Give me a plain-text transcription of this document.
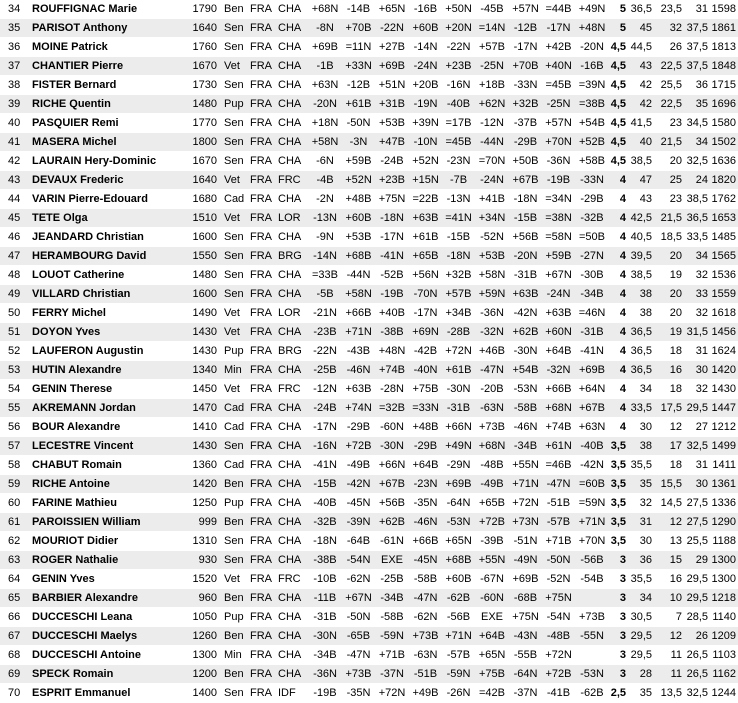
34	ROUFFIGNAC Marie	1790	Ben	FRA	CHA	+68N	-14B	+65N	-16B	+50N	-45B	+57N	=44B	+49N	5	36,5	23,5	31	1598
35	PARISOT Anthony	1640	Sen	FRA	CHA	-8N	+70B	-22N	+60B	+20N	=14N	-12B	-17N	+48N	5	45	32	37,5	1861
36	MOINE Patrick	1760	Sen	FRA	CHA	+69B	=11N	+27B	-14N	-22N	+57B	-17N	+42B	-20N	4,5	44,5	26	37,5	1813
37	CHANTIER Pierre	1670	Vet	FRA	CHA	-1B	+33N	+69B	-24N	+23B	-25N	+70B	+40N	-16B	4,5	43	22,5	37,5	1848
38	FISTER Bernard	1730	Sen	FRA	CHA	+63N	-12B	+51N	+20B	-16N	+18B	-33N	=45B	=39N	4,5	42	25,5	36	1715
39	RICHE Quentin	1480	Pup	FRA	CHA	-20N	+61B	+31B	-19N	-40B	+62N	+32B	-25N	=38B	4,5	42	22,5	35	1696
40	PASQUIER Remi	1770	Sen	FRA	CHA	+18N	-50N	+53B	+39N	=17B	-12N	-37B	+57N	+54B	4,5	41,5	23	34,5	1580
41	MASERA Michel	1800	Sen	FRA	CHA	+58N	-3N	+47B	-10N	=45B	-44N	-29B	+70N	+52B	4,5	40	21,5	34	1502
42	LAURAIN Hery-Dominic	1670	Sen	FRA	CHA	-6N	+59B	-24B	+52N	-23N	=70N	+50B	-36N	+58B	4,5	38,5	20	32,5	1636
43	DEVAUX Frederic	1640	Vet	FRA	FRC	-4B	+52N	+23B	+15N	-7B	-24N	+67B	-19B	-33N	4	47	25	24	1820
44	VARIN Pierre-Edouard	1680	Cad	FRA	CHA	-2N	+48B	+75N	=22B	-13N	+41B	-18N	=34N	-29B	4	43	23	38,5	1762
45	TETE Olga	1510	Vet	FRA	LOR	-13N	+60B	-18N	+63B	=41N	+34N	-15B	=38N	-32B	4	42,5	21,5	36,5	1653
46	JEANDARD Christian	1600	Sen	FRA	CHA	-9N	+53B	-17N	+61B	-15B	-52N	+56B	=58N	=50B	4	40,5	18,5	33,5	1485
47	HERAMBOURG David	1550	Sen	FRA	BRG	-14N	+68B	-41N	+65B	-18N	+53B	-20N	+59B	-27N	4	39,5	20	34	1565
48	LOUOT Catherine	1480	Sen	FRA	CHA	=33B	-44N	-52B	+56N	+32B	+58N	-31B	+67N	-30B	4	38,5	19	32	1536
49	VILLARD Christian	1600	Sen	FRA	CHA	-5B	+58N	-19B	-70N	+57B	+59N	+63B	-24N	-34B	4	38	20	33	1559
50	FERRY Michel	1490	Vet	FRA	LOR	-21N	+66B	+40B	-17N	+34B	-36N	-42N	+63B	=46N	4	38	20	32	1618
51	DOYON Yves	1430	Vet	FRA	CHA	-23B	+71N	-38B	+69N	-28B	-32N	+62B	+60N	-31B	4	36,5	19	31,5	1456
52	LAUFERON Augustin	1430	Pup	FRA	BRG	-22N	-43B	+48N	-42B	+72N	+46B	-30N	+64B	-41N	4	36,5	18	31	1624
53	HUTIN Alexandre	1340	Min	FRA	CHA	-25B	-46N	+74B	-40N	+61B	-47N	+54B	-32N	+69B	4	36,5	16	30	1420
54	GENIN Therese	1450	Vet	FRA	FRC	-12N	+63B	-28N	+75B	-30N	-20B	-53N	+66B	+64N	4	34	18	32	1430
55	AKREMANN Jordan	1470	Cad	FRA	CHA	-24B	+74N	=32B	=33N	-31B	-63N	-58B	+68N	+67B	4	33,5	17,5	29,5	1447
56	BOUR Alexandre	1410	Cad	FRA	CHA	-17N	-29B	-60N	+48B	+66N	+73B	-46N	+74B	+63N	4	30	12	27	1212
57	LECESTRE Vincent	1430	Sen	FRA	CHA	-16N	+72B	-30N	-29B	+49N	+68N	-34B	+61N	-40B	3,5	38	17	32,5	1499
58	CHABUT Romain	1360	Cad	FRA	CHA	-41N	-49B	+66N	+64B	-29N	-48B	+55N	=46B	-42N	3,5	35,5	18	31	1411
59	RICHE Antoine	1420	Ben	FRA	CHA	-15B	-42N	+67B	-23N	+69B	-49B	+71N	-47N	=60B	3,5	35	15,5	30	1361
60	FARINE Mathieu	1250	Pup	FRA	CHA	-40B	-45N	+56B	-35N	-64N	+65B	+72N	-51B	=59N	3,5	32	14,5	27,5	1336
61	PAROISSIEN William	999	Ben	FRA	CHA	-32B	-39N	+62B	-46N	-53N	+72B	+73N	-57B	+71N	3,5	31	12	27,5	1290
62	MOURIOT Didier	1310	Sen	FRA	CHA	-18N	-64B	-61N	+66B	+65N	-39B	-51N	+71B	+70N	3,5	30	13	25,5	1188
63	ROGER Nathalie	930	Sen	FRA	CHA	-38B	-54N	EXE	-45N	+68B	+55N	-49N	-50N	-56B	3	36	15	29	1300
64	GENIN Yves	1520	Vet	FRA	FRC	-10B	-62N	-25B	-58B	+60B	-67N	+69B	-52N	-54B	3	35,5	16	29,5	1300
65	BARBIER Alexandre	960	Ben	FRA	CHA	-11B	+67N	-34B	-47N	-62B	-60N	-68B	+75N		3	34	10	29,5	1218
66	DUCCESCHI Leana	1050	Pup	FRA	CHA	-31B	-50N	-58B	-62N	-56B	EXE	+75N	-54N	+73B	3	30,5	7	28,5	1140
67	DUCCESCHI Maelys	1260	Ben	FRA	CHA	-30N	-65B	-59N	+73B	+71N	+64B	-43N	-48B	-55N	3	29,5	12	26	1209
68	DUCCESCHI Antoine	1300	Min	FRA	CHA	-34B	-47N	+71B	-63N	-57B	+65N	-55B	+72N		3	29,5	11	26,5	1103
69	SPECK Romain	1200	Ben	FRA	CHA	-36N	+73B	-37N	-51B	-59N	+75B	-64N	+72B	-53N	3	28	11	26,5	1162
70	ESPRIT Emmanuel	1400	Sen	FRA	IDF	-19B	-35N	+72N	+49B	-26N	=42B	-37N	-41B	-62B	2,5	35	13,5	32,5	1244
